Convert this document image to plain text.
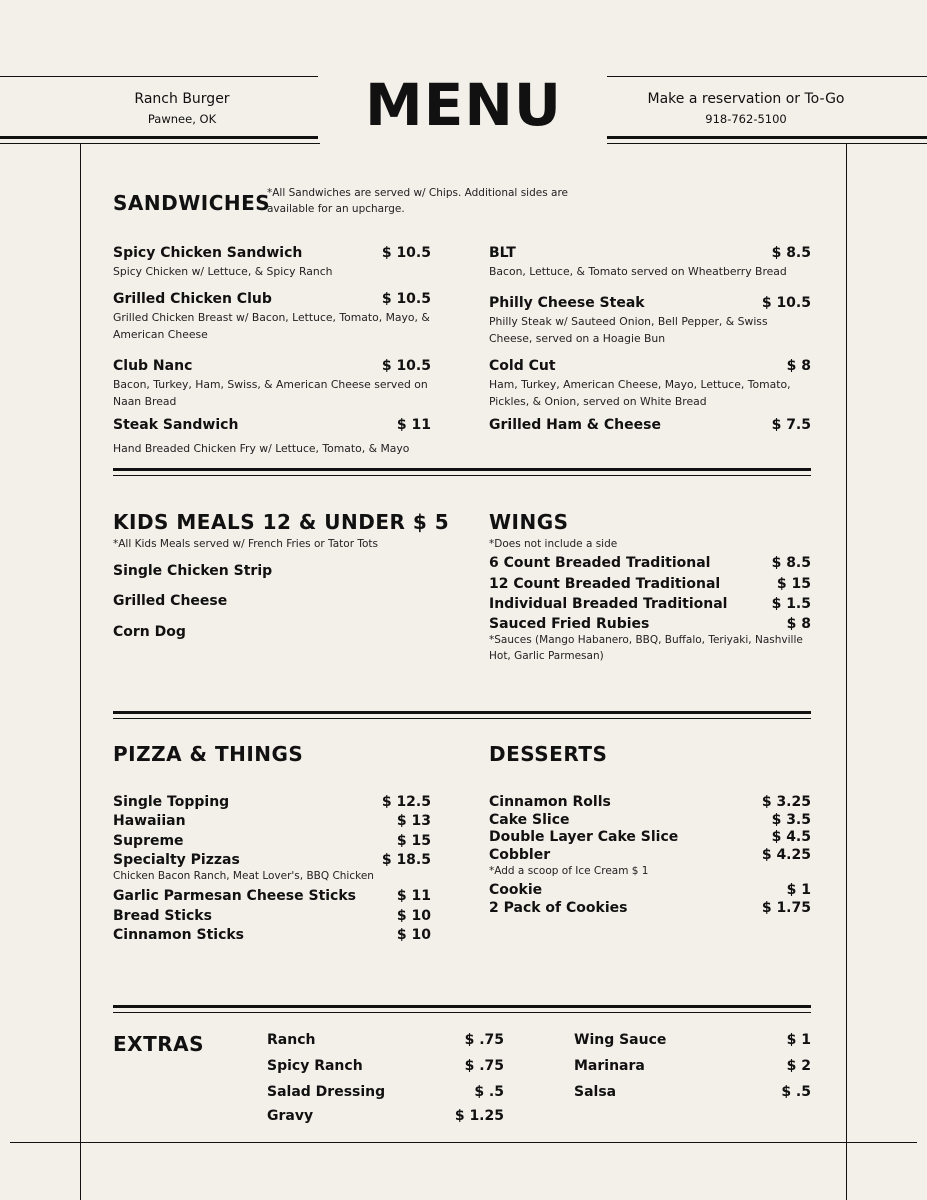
Ranch Burger
Pawnee, OK	MENU	Make a reservation or To-Go
918-762-5100
SANDWICHES
*All Sandwiches are served w/ Chips. Additional sides are available for an upcharge.
Spicy Chicken Sandwich	$ 10.5
Spicy Chicken w/ Lettuce, & Spicy Ranch
Grilled Chicken Club	$ 10.5
Grilled Chicken Breast w/ Bacon, Lettuce, Tomato, Mayo, & American Cheese
Club Nanc	$ 10.5
Bacon, Turkey, Ham, Swiss, & American Cheese served on Naan Bread
Steak Sandwich	$ 11
Hand Breaded Chicken Fry w/ Lettuce, Tomato, & Mayo
BLT	$ 8.5
Bacon, Lettuce, & Tomato served on Wheatberry Bread
Philly Cheese Steak	$ 10.5
Philly Steak w/ Sauteed Onion, Bell Pepper, & Swiss Cheese, served on a Hoagie Bun
Cold Cut	$ 8
Ham, Turkey, American Cheese, Mayo, Lettuce, Tomato, Pickles, & Onion, served on White Bread
Grilled Ham & Cheese	$ 7.5
KIDS MEALS 12 & UNDER $ 5
*All Kids Meals served w/ French Fries or Tator Tots
Single Chicken Strip
Grilled Cheese
Corn Dog
WINGS
*Does not include a side
6 Count Breaded Traditional	$ 8.5
12 Count Breaded Traditional	$ 15
Individual Breaded Traditional	$ 1.5
Sauced Fried Rubies	$ 8
*Sauces (Mango Habanero, BBQ, Buffalo, Teriyaki, Nashville Hot, Garlic Parmesan)
PIZZA & THINGS
Single Topping	$ 12.5
Hawaiian	$ 13
Supreme	$ 15
Specialty Pizzas	$ 18.5
Chicken Bacon Ranch, Meat Lover's, BBQ Chicken
Garlic Parmesan Cheese Sticks	$ 11
Bread Sticks	$ 10
Cinnamon Sticks	$ 10
DESSERTS
Cinnamon Rolls	$ 3.25
Cake Slice	$ 3.5
Double Layer Cake Slice	$ 4.5
Cobbler	$ 4.25
*Add a scoop of Ice Cream $ 1
Cookie	$ 1
2 Pack of Cookies	$ 1.75
EXTRAS	Ranch	$ .75
Spicy Ranch	$ .75
Salad Dressing	$ .5
Gravy	$ 1.25
Wing Sauce	$ 1
Marinara	$ 2
Salsa	$ .5
